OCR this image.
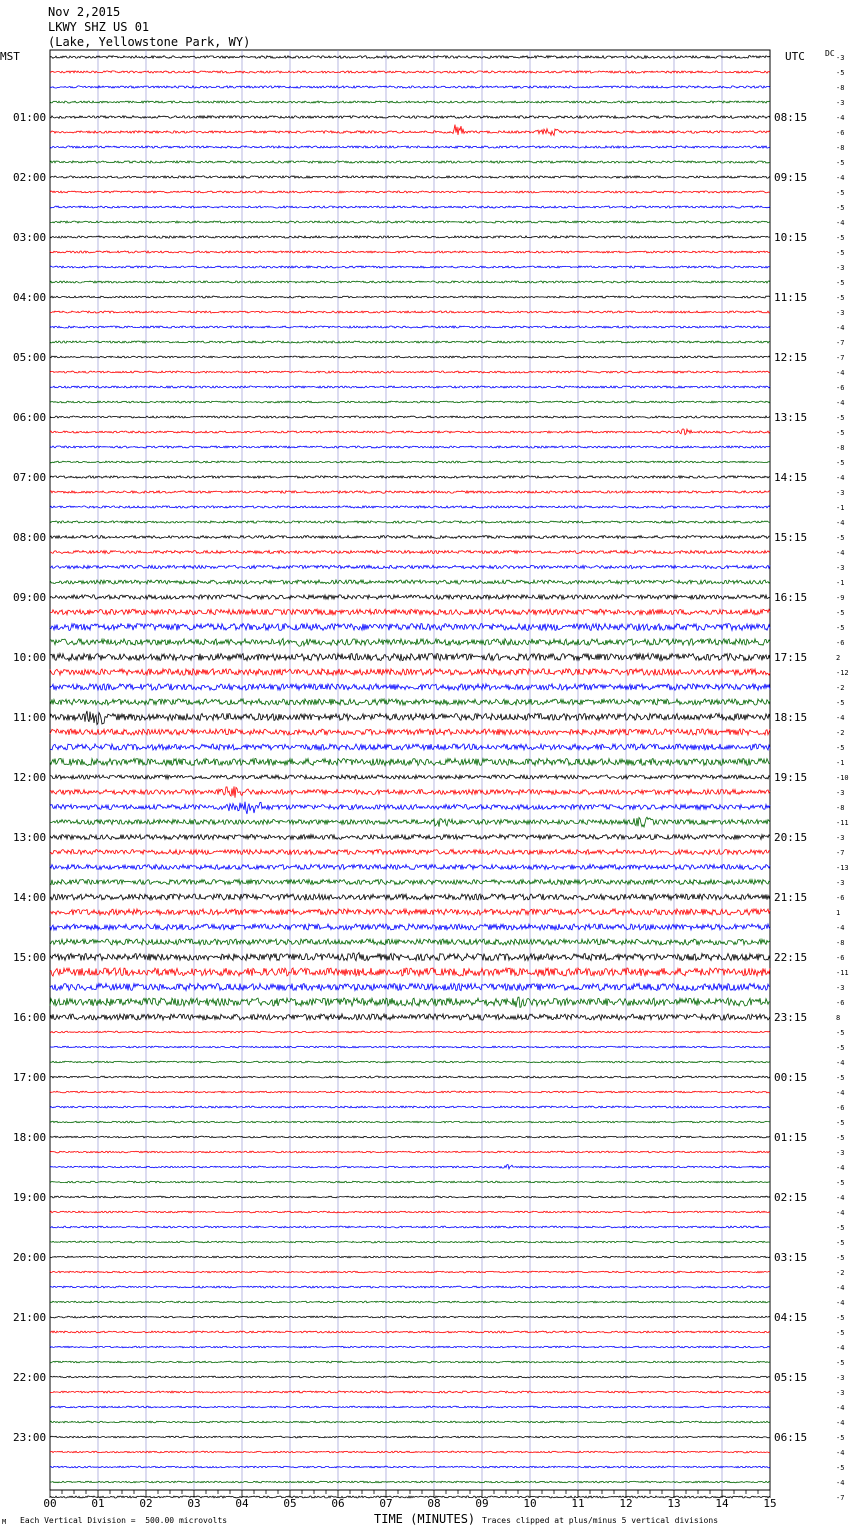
Nov 2,2015
LKWY SHZ US 01
(Lake, Yellowstone Park, WY)
MST	UTC	DC -3
-5
-8
-3
-4
-6
-8
-5
-4
-5
-5
-4
-5
-5
-3
-5
-5
-3
-4
-7
-7
-4
-6
-4
-5
-5
-8
-5
-4
-3
-1
-4
-5
-4
-3
-1
-9
-5
-5
-6
2
-12
-2
-5
-4
-2
-5
-1
-10
-3
-8
-11
-3
-7
-13
-3
-6
1
-4
-8
-6
-11
-3
-6
8
-5
-5
-4
-5
-4
-6
-5
-5
-3
-4
-5
-4
-4
-5
-5
-5
-2
-4
-4
-5
-5
-4
-5
-3
-3
-4
-4
-5
-4
-5
-4
-7
01:00
02:00
03:00
04:00
05:00
06:00
07:00
08:00
09:00
10:00
11:00
12:00
13:00
14:00
15:00
16:00
17:00
18:00
19:00
20:00
21:00
22:00
23:00
08:15
09:15
10:15
11:15
12:15
13:15
14:15
15:15
16:15
17:15
18:15
19:15
20:15
21:15
22:15
23:15
00:15
01:15
02:15
03:15
04:15
05:15
06:15
00	01	02	03	04	05	06	07	08	09	10	11	12	13	14	15
TIME (MINUTES)
M Each Vertical Division =  500.00 microvolts	Traces clipped at plus/minus 5 vertical divisions
